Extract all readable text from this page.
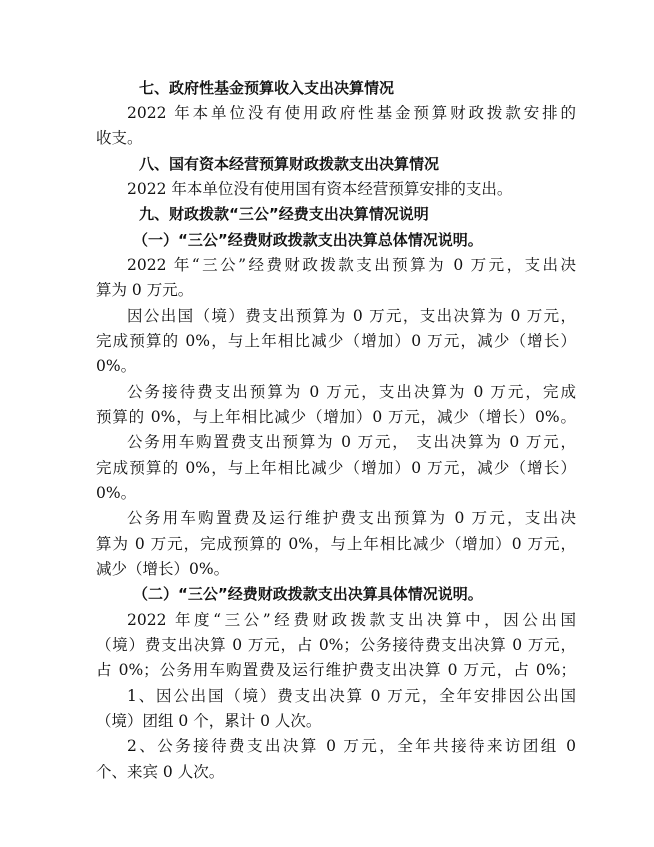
七、政府性基金预算收入支出决算情况
2022 年本单位没有使用政府性基金预算财政拨款安排的
收支。
八、国有资本经营预算财政拨款支出决算情况
2022 年本单位没有使用国有资本经营预算安排的支出。
九、财政拨款“三公”经费支出决算情况说明
（一）“三公”经费财政拨款支出决算总体情况说明。
2022 年“三公”经费财政拨款支出预算为 0 万元，支出决
算为 0 万元。
因公出国（境）费支出预算为 0 万元，支出决算为 0 万元，
完成预算的 0%，与上年相比减少（增加）0 万元，减少（增长）
0%。
公务接待费支出预算为 0 万元，支出决算为 0 万元，完成
预算的 0%，与上年相比减少（增加）0 万元，减少（增长）0%。
公务用车购置费支出预算为 0 万元， 支出决算为 0 万元，
完成预算的 0%，与上年相比减少（增加）0 万元，减少（增长）
0%。
公务用车购置费及运行维护费支出预算为 0 万元，支出决
算为 0 万元，完成预算的 0%，与上年相比减少（增加）0 万元，
减少（增长）0%。
（二）“三公”经费财政拨款支出决算具体情况说明。
2022 年度“三公”经费财政拨款支出决算中，因公出国
（境）费支出决算 0 万元，占 0%；公务接待费支出决算 0 万元，
占 0%；公务用车购置费及运行维护费支出决算 0 万元，占 0%；
1、因公出国（境）费支出决算 0 万元，全年安排因公出国
（境）团组 0 个，累计 0 人次。
2、公务接待费支出决算 0 万元，全年共接待来访团组 0
个、来宾 0 人次。
